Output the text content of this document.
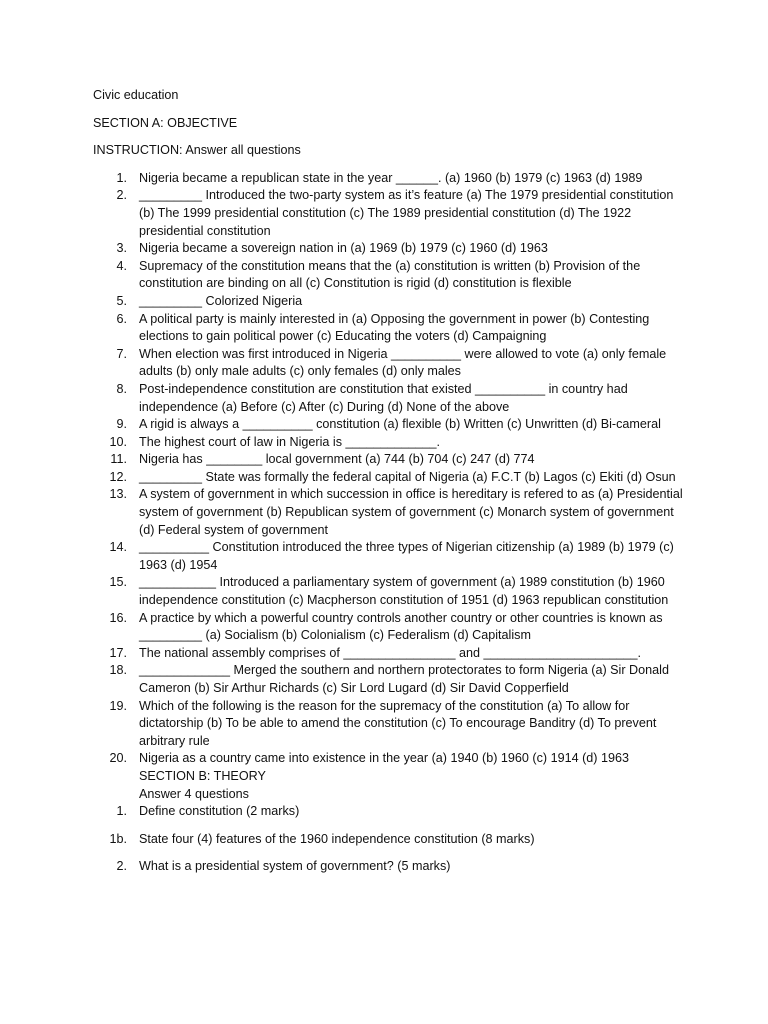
Civic education

SECTION A: OBJECTIVE

INSTRUCTION: Answer all questions

1. Nigeria became a republican state in the year ______. (a) 1960 (b) 1979 (c) 1963 (d) 1989
2. _________ Introduced the two-party system as it’s feature (a) The 1979 presidential constitution (b) The 1999 presidential constitution (c) The 1989 presidential constitution (d) The 1922 presidential constitution
3. Nigeria became a sovereign nation in (a) 1969 (b) 1979 (c) 1960 (d) 1963
4. Supremacy of the constitution means that the (a) constitution is written (b) Provision of the constitution are binding on all (c) Constitution is rigid (d) constitution is flexible
5. _________ Colorized Nigeria
6. A political party is mainly interested in (a) Opposing the government in power (b) Contesting elections to gain political power (c) Educating the voters (d) Campaigning
7. When election was first introduced in Nigeria __________ were allowed to vote (a) only female adults (b) only male adults (c) only females (d) only males
8. Post-independence constitution are constitution that existed __________ in country had independence (a) Before (c) After (c) During (d) None of the above
9. A rigid is always a __________ constitution (a) flexible (b) Written (c) Unwritten (d) Bi-cameral
10. The highest court of law in Nigeria is _____________.
11. Nigeria has ________ local government (a) 744 (b) 704 (c) 247 (d) 774
12. _________ State was formally the federal capital of Nigeria (a) F.C.T (b) Lagos (c) Ekiti (d) Osun
13. A system of government in which succession in office is hereditary is refered to as (a) Presidential system of government (b) Republican system of government (c) Monarch system of government (d) Federal system of government
14. __________ Constitution introduced the three types of Nigerian citizenship (a) 1989 (b) 1979 (c) 1963 (d) 1954
15. ___________ Introduced a parliamentary system of government (a) 1989 constitution (b) 1960 independence constitution (c) Macpherson constitution of 1951 (d) 1963 republican constitution
16. A practice by which a powerful country controls another country or other countries is known as _________ (a) Socialism (b) Colonialism (c) Federalism (d) Capitalism
17. The national assembly comprises of ________________ and ______________________.
18. _____________ Merged the southern and northern protectorates to form Nigeria (a) Sir Donald Cameron (b) Sir Arthur Richards (c) Sir Lord Lugard (d) Sir David Copperfield
19. Which of the following is the reason for the supremacy of the constitution (a) To allow for dictatorship (b) To be able to amend the constitution (c) To encourage Banditry (d) To prevent arbitrary rule
20. Nigeria as a country came into existence in the year (a) 1940 (b) 1960 (c) 1914 (d) 1963
SECTION B: THEORY
Answer 4 questions
1. Define constitution (2 marks)
1b. State four (4) features of the 1960 independence constitution (8 marks)
2. What is a presidential system of government? (5 marks)
